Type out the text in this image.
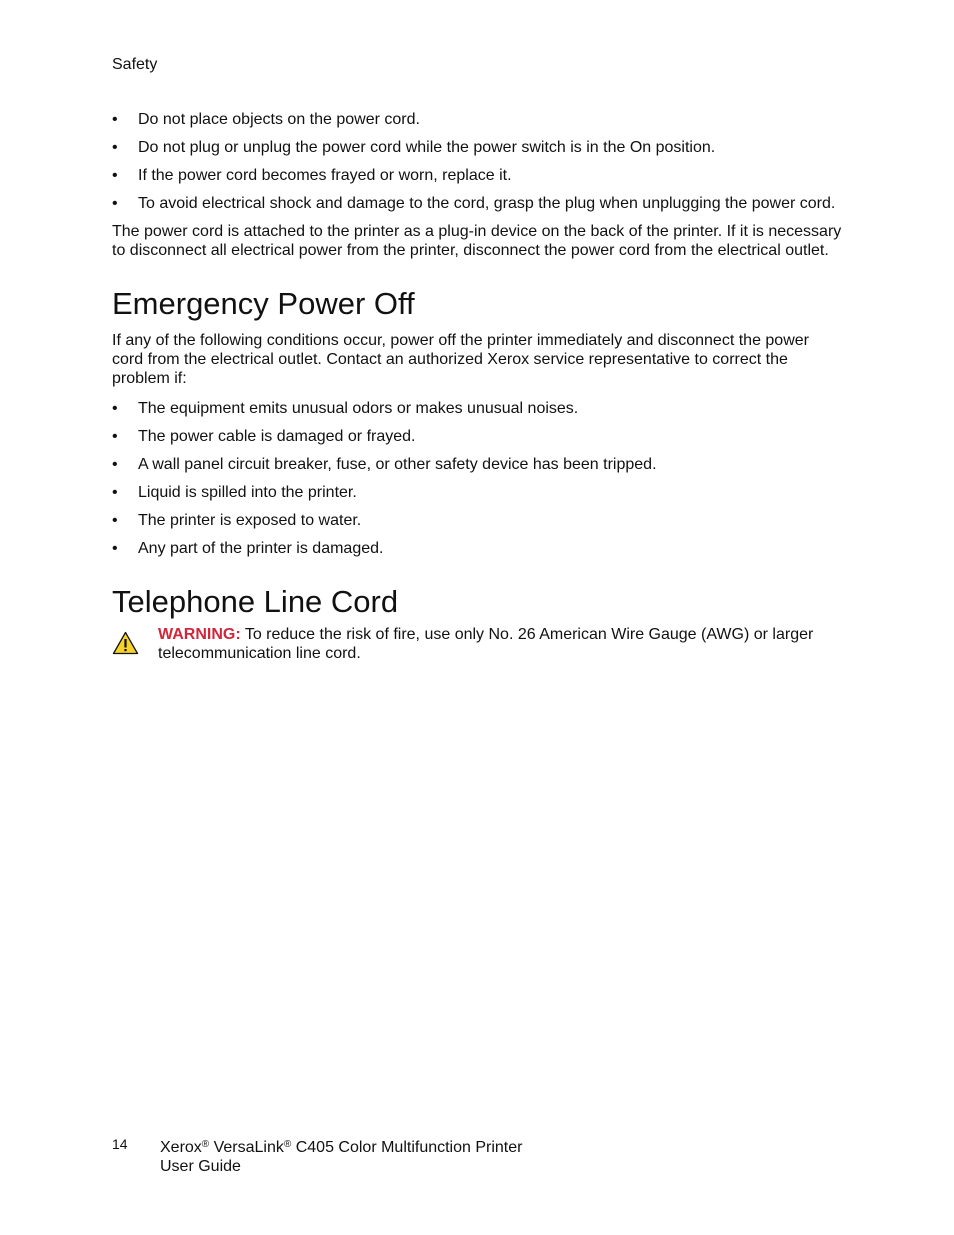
Safety
• Do not place objects on the power cord.
• Do not plug or unplug the power cord while the power switch is in the On position.
• If the power cord becomes frayed or worn, replace it.
• To avoid electrical shock and damage to the cord, grasp the plug when unplugging the power cord.

The power cord is attached to the printer as a plug-in device on the back of the printer. If it is necessary to disconnect all electrical power from the printer, disconnect the power cord from the electrical outlet.

Emergency Power Off

If any of the following conditions occur, power off the printer immediately and disconnect the power cord from the electrical outlet. Contact an authorized Xerox service representative to correct the problem if:

• The equipment emits unusual odors or makes unusual noises.
• The power cable is damaged or frayed.
• A wall panel circuit breaker, fuse, or other safety device has been tripped.
• Liquid is spilled into the printer.
• The printer is exposed to water.
• Any part of the printer is damaged.
Telephone Line Cord
WARNING: To reduce the risk of fire, use only No. 26 American Wire Gauge (AWG) or larger telecommunication line cord.
14 Xerox® VersaLink® C405 Color Multifunction Printer
User Guide
